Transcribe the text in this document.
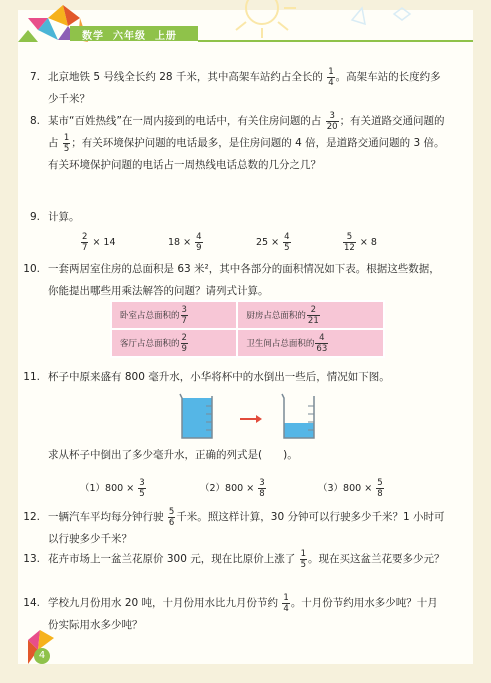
数学 六年级 上册
7. 北京地铁 5 号线全长约 28 千米，其中高架车站约占全长的 $\frac{1}{4}$ 。高架车站的长度约多少千米？
8. 某市“百姓热线”在一周内接到的电话中，有关住房问题的占 $\frac{3}{20}$ ；有关道路交通问题的占 $\frac{1}{5}$ ；有关环境保护问题的电话最多，是住房问题的 4 倍，是道路交通问题的 3 倍。有关环境保护问题的电话占一周热线电话总数的几分之几？
9. 计算。
$\frac{2}{7} \times 14$	$18 \times \frac{4}{9}$	$25 \times \frac{4}{5}$	$\frac{5}{12} \times 8$
10. 一套两居室住房的总面积是 63 米²，其中各部分的面积情况如下表。根据这些数据，你能提出哪些用乘法解答的问题？请列式计算。
卧室占总面积的 $\frac{3}{7}$	厨房占总面积的 $\frac{2}{21}$

客厅占总面积的 $\frac{2}{9}$	卫生间占总面积的 $\frac{4}{63}$
11. 杯子中原来盛有 800 毫升水，小华将杯中的水倒出一些后，情况如下图。
求从杯子中倒出了多少毫升水，正确的列式是(　　)。
$(1)800 \times \frac{3}{5}$	$(2)800 \times \frac{3}{8}$	$(3)800 \times \frac{5}{8}$
12. 一辆汽车平均每分钟行驶 $\frac{5}{6}$ 千米。照这样计算，30 分钟可以行驶多少千米？1 小时可以行驶多少千米？
13. 花卉市场上一盆兰花原价 300 元，现在比原价上涨了 $\frac{1}{5}$ 。现在买这盆兰花要多少元？
14. 学校九月份用水 20 吨，十月份用水比九月份节约 $\frac{1}{4}$ 。十月份节约用水多少吨？十月份实际用水多少吨？
4
